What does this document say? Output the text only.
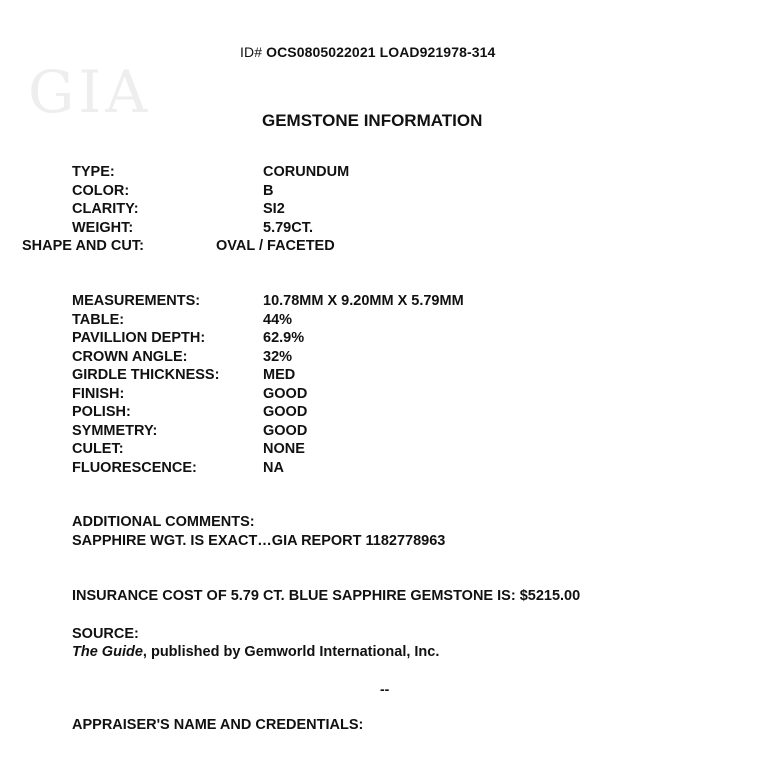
GIA
ID# OCS0805022021 LOAD921978-314
GEMSTONE INFORMATION
TYPE:	CORUNDUM
COLOR:	B
CLARITY:	SI2
WEIGHT:	5.79CT.
SHAPE AND CUT:	OVAL / FACETED
MEASUREMENTS:	10.78MM X 9.20MM X 5.79MM
TABLE:	44%
PAVILLION DEPTH:	62.9%
CROWN ANGLE:	32%
GIRDLE THICKNESS:	MED
FINISH:	GOOD
POLISH:	GOOD
SYMMETRY:	GOOD
CULET:	NONE
FLUORESCENCE:	NA
ADDITIONAL COMMENTS:
SAPPHIRE WGT. IS EXACT…GIA REPORT 1182778963
INSURANCE COST OF 5.79 CT. BLUE SAPPHIRE GEMSTONE IS: $5215.00
SOURCE:
The Guide, published by Gemworld International, Inc.
--
APPRAISER'S NAME AND CREDENTIALS:
